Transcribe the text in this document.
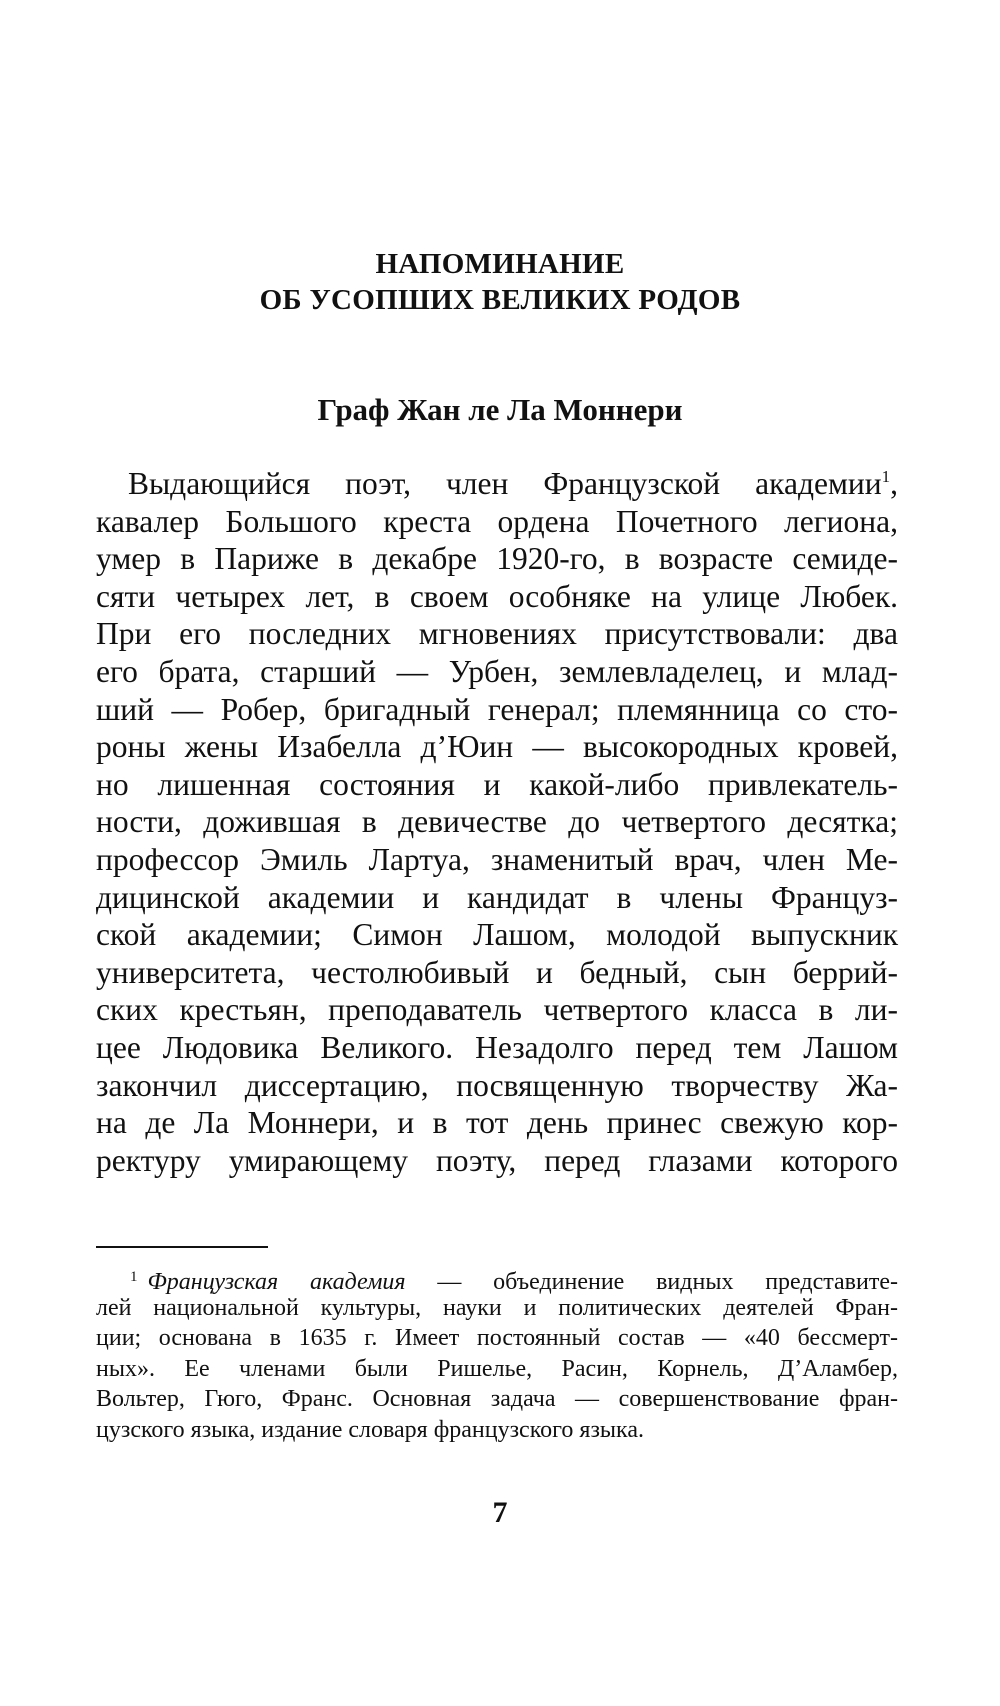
НАПОМИНАНИЕ
ОБ УСОПШИХ ВЕЛИКИХ РОДОВ
Граф Жан ле Ла Моннери
Выдающийся поэт, член Французской академии$^1$,
кавалер Большого креста ордена Почетного легиона,
умер в Париже в декабре 1920-го, в возрасте семиде-
сяти четырех лет, в своем особняке на улице Любек.
При его последних мгновениях присутствовали: два
его брата, старший — Урбен, землевладелец, и млад-
ший — Робер, бригадный генерал; племянница со сто-
роны жены Изабелла д’Юин — высокородных кровей,
но лишенная состояния и какой-либо привлекатель-
ности, дожившая в девичестве до четвертого десятка;
профессор Эмиль Лартуа, знаменитый врач, член Ме-
дицинской академии и кандидат в члены Француз-
ской академии; Симон Лашом, молодой выпускник
университета, честолюбивый и бедный, сын беррий-
ских крестьян, преподаватель четвертого класса в ли-
цее Людовика Великого. Незадолго перед тем Лашом
закончил диссертацию, посвященную творчеству Жа-
на де Ла Моннери, и в тот день принес свежую кор-
ректуру умирающему поэту, перед глазами которого
$^1$ Французская академия — объединение видных представите-
лей национальной культуры, науки и политических деятелей Фран-
ции; основана в 1635 г. Имеет постоянный состав — «40 бессмерт-
ных». Ее членами были Ришелье, Расин, Корнель, Д’Аламбер,
Вольтер, Гюго, Франс. Основная задача — совершенствование фран-
цузского языка, издание словаря французского языка.
7
